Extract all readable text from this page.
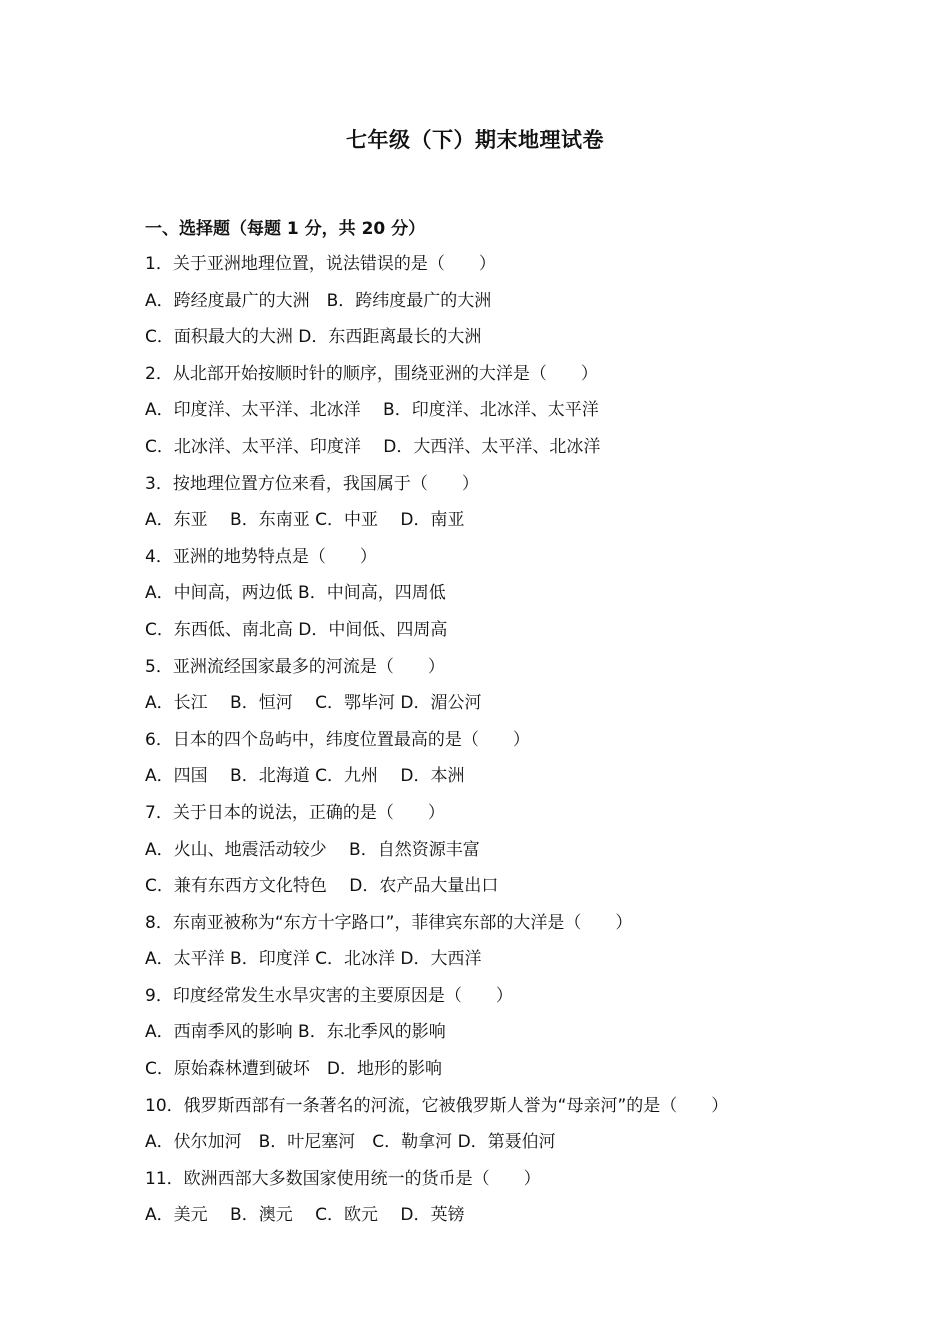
七年级（下）期末地理试卷
一、选择题（每题 1 分，共 20 分）
1．关于亚洲地理位置，说法错误的是（　　）
A．跨经度最广的大洲　B．跨纬度最广的大洲
C．面积最大的大洲 D．东西距离最长的大洲
2．从北部开始按顺时针的顺序，围绕亚洲的大洋是（　　）
A．印度洋、太平洋、北冰洋　 B．印度洋、北冰洋、太平洋
C．北冰洋、太平洋、印度洋　 D．大西洋、太平洋、北冰洋
3．按地理位置方位来看，我国属于（　　）
A．东亚　 B．东南亚 C．中亚　 D．南亚
4．亚洲的地势特点是（　　）
A．中间高，两边低 B．中间高，四周低
C．东西低、南北高 D．中间低、四周高
5．亚洲流经国家最多的河流是（　　）
A．长江　 B．恒河　 C．鄂毕河 D．湄公河
6．日本的四个岛屿中，纬度位置最高的是（　　）
A．四国　 B．北海道 C．九州　 D．本洲
7．关于日本的说法，正确的是（　　）
A．火山、地震活动较少　 B．自然资源丰富
C．兼有东西方文化特色　 D．农产品大量出口
8．东南亚被称为“东方十字路口”，菲律宾东部的大洋是（　　）
A．太平洋 B．印度洋 C．北冰洋 D．大西洋
9．印度经常发生水旱灾害的主要原因是（　　）
A．西南季风的影响 B．东北季风的影响
C．原始森林遭到破坏　D．地形的影响
10．俄罗斯西部有一条著名的河流，它被俄罗斯人誉为“母亲河”的是（　　）
A．伏尔加河　B．叶尼塞河　C．勒拿河 D．第聂伯河
11．欧洲西部大多数国家使用统一的货币是（　　）
A．美元　 B．澳元　 C．欧元　 D．英镑
